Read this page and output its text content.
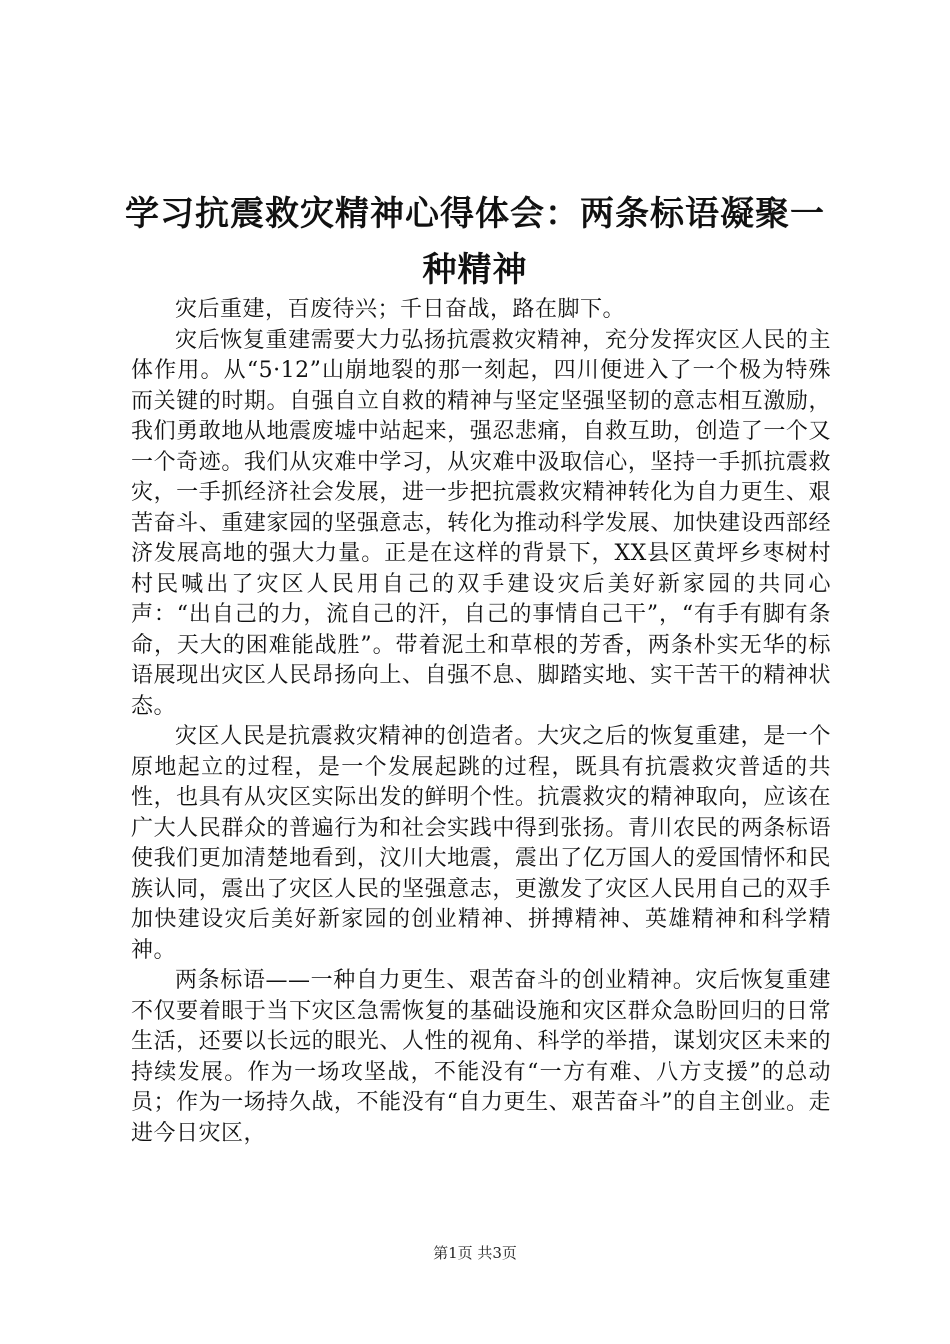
学习抗震救灾精神心得体会：两条标语凝聚一种精神

灾后重建，百废待兴；千日奋战，路在脚下。

灾后恢复重建需要大力弘扬抗震救灾精神，充分发挥灾区人民的主体作用。从“5·12”山崩地裂的那一刻起，四川便进入了一个极为特殊而关键的时期。自强自立自救的精神与坚定坚强坚韧的意志相互激励，我们勇敢地从地震废墟中站起来，强忍悲痛，自救互助，创造了一个又一个奇迹。我们从灾难中学习，从灾难中汲取信心，坚持一手抓抗震救灾，一手抓经济社会发展，进一步把抗震救灾精神转化为自力更生、艰苦奋斗、重建家园的坚强意志，转化为推动科学发展、加快建设西部经济发展高地的强大力量。正是在这样的背景下，XX县区黄坪乡枣树村村民喊出了灾区人民用自己的双手建设灾后美好新家园的共同心声：“出自己的力，流自己的汗，自己的事情自己干”，“有手有脚有条命，天大的困难能战胜”。带着泥土和草根的芳香，两条朴实无华的标语展现出灾区人民昂扬向上、自强不息、脚踏实地、实干苦干的精神状态。

灾区人民是抗震救灾精神的创造者。大灾之后的恢复重建，是一个原地起立的过程，是一个发展起跳的过程，既具有抗震救灾普适的共性，也具有从灾区实际出发的鲜明个性。抗震救灾的精神取向，应该在广大人民群众的普遍行为和社会实践中得到张扬。青川农民的两条标语使我们更加清楚地看到，汶川大地震，震出了亿万国人的爱国情怀和民族认同，震出了灾区人民的坚强意志，更激发了灾区人民用自己的双手加快建设灾后美好新家园的创业精神、拼搏精神、英雄精神和科学精神。

两条标语——一种自力更生、艰苦奋斗的创业精神。灾后恢复重建不仅要着眼于当下灾区急需恢复的基础设施和灾区群众急盼回归的日常生活，还要以长远的眼光、人性的视角、科学的举措，谋划灾区未来的持续发展。作为一场攻坚战，不能没有“一方有难、八方支援”的总动员；作为一场持久战，不能没有“自力更生、艰苦奋斗”的自主创业。走进今日灾区，

第1页 共3页
